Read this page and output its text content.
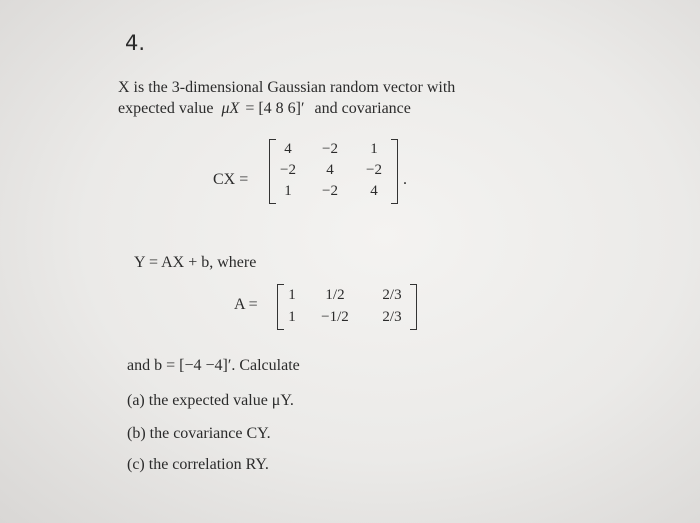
4.
X is the 3-dimensional Gaussian random vector with
expected value μX = [4 8 6]′ and covariance
CX =
4	−2	1
−2	4	−2
1	−2	4
.
Y = AX + b, where
A =
1	1/2	2/3
1	−1/2	2/3
and b = [−4 −4]′. Calculate
(a) the expected value μY.
(b) the covariance CY.
(c) the correlation RY.
